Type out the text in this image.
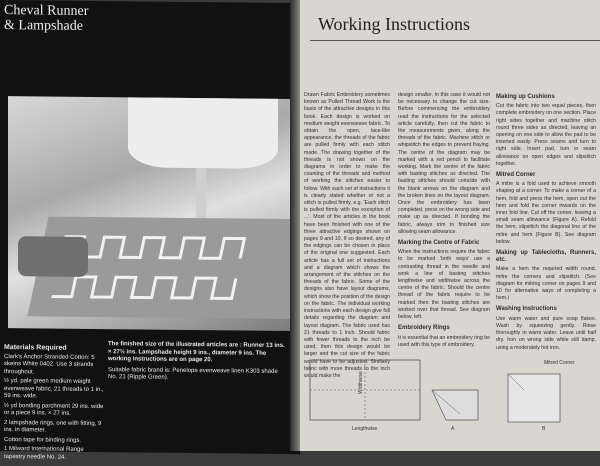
Cheval Runner
& Lampshade
Materials Required

Clark's Anchor Stranded Cotton: 5 skeins White 0402. Use 3 strands throughout.

½ yd. pale green medium weight evenweave fabric, 21 threads to 1 in., 59 ins. wide.

½ yd bonding parchment 29 ins. wide or a piece 9 ins. × 27 ins.

2 lampshade rings, one with fitting, 9 ins. in diameter.

Cotton tape for binding rings.

1 Milward International Range tapestry needle No. 24.

The finished size of the illustrated articles are : Runner 13 ins. × 27½ ins. Lampshade height 9 ins., diameter 9 ins. The working instructions are on page 20.

Suitable fabric brand is: Penelope evenweave linen K303 shade No. 21 (Ripple Green).

Working Instructions

Drawn Fabric Embroidery sometimes known as Pulled Thread Work is the basis of the attractive designs in this book. Each design is worked on medium weight evenweave fabric. To obtain the open, lace-like appearance, the threads of the fabric are pulled firmly with each stitch made. The drawing together of the threads is not shown on the diagrams in order to make the counting of the threads and method of working the stitches easier to follow. With each set of instructions it is clearly stated whether or not a stitch is pulled firmly, e.g. 'Each stitch is pulled firmly with the exception of ...'. Most of the articles in the book have been finished with one of the three attractive edgings shown on pages 9 and 10. If so desired, any of the edgings can be chosen in place of the original one suggested. Each article has a full set of instructions and a diagram which shows the arrangement of the stitches on the threads of the fabric. Some of the designs also have layout diagrams, which show the position of the design on the fabric. The individual working instructions with each design give full details regarding the diagram and layout diagram. The fabric used has 21 threads to 1 inch. Should fabric with fewer threads to the inch be used, then this design would be larger and the cut size of the fabric would have to be adjusted. Similarly fabric with more threads to the inch would make the

design smaller, in this case it would not be necessary to change the cut size. Before commencing the embroidery read the instructions for the selected article carefully, then cut the fabric to the measurements given, along the threads of the fabric. Machine stitch or whipstitch the edges to prevent fraying. The centre of the diagram may be marked with a red pencil to facilitate working. Mark the centre of the fabric with basting stitches as directed. The basting stitches should coincide with the blank arrows on the diagram and the broken lines on the layout diagram. Once the embroidery has been completed, press on the wrong side and make up as directed. If bonding the fabric, always trim to finished size allowing seam allowance.

Marking the Centre of Fabric

When the instructions require the fabric to be marked 'both ways' use a contrasting thread in the needle and work a line of basting stitches lengthwise and widthwise across the centre of the fabric. Should the centre thread of the fabric require to be marked then the basting stitches are worked over that thread. See diagram below, left.

Embroidery Rings

It is essential that an embroidery ring be used with this type of embroidery.

Making up Cushions

Cut the fabric into two equal pieces, then complete embroidery on one section. Place right sides together and machine stitch round three sides as directed, leaving an opening on one side to allow the pad to be inserted easily. Press seams and turn to right side. Insert pad, turn in seam allowance on open edges and slipstitch together.

Mitred Corner

A mitre is a fold used to achieve smooth shaping at a corner. To make a corner of a hem, fold and press the hem, open out the hem and fold the corner inwards on the inner fold line. Cut off the corner, leaving a small seam allowance (Figure A). Refold the hem, slipstitch the diagonal line of the mitre and hem (Figure B). See diagram below.

Making up Tablecloths, Runners, etc.

Make a hem the required width round, mitre the corners and slipstitch. (See diagram for mitring corner on pages 9 and 10 for alternative ways of completing a hem.)

Washing Instructions

Use warm water and pure soap flakes. Wash by squeezing gently. Rinse thoroughly in warm water. Leave until half dry. Iron on wrong side while still damp, using a moderately hot iron.

Lengthwise
Widthwise
A	B
Mitred Corner
